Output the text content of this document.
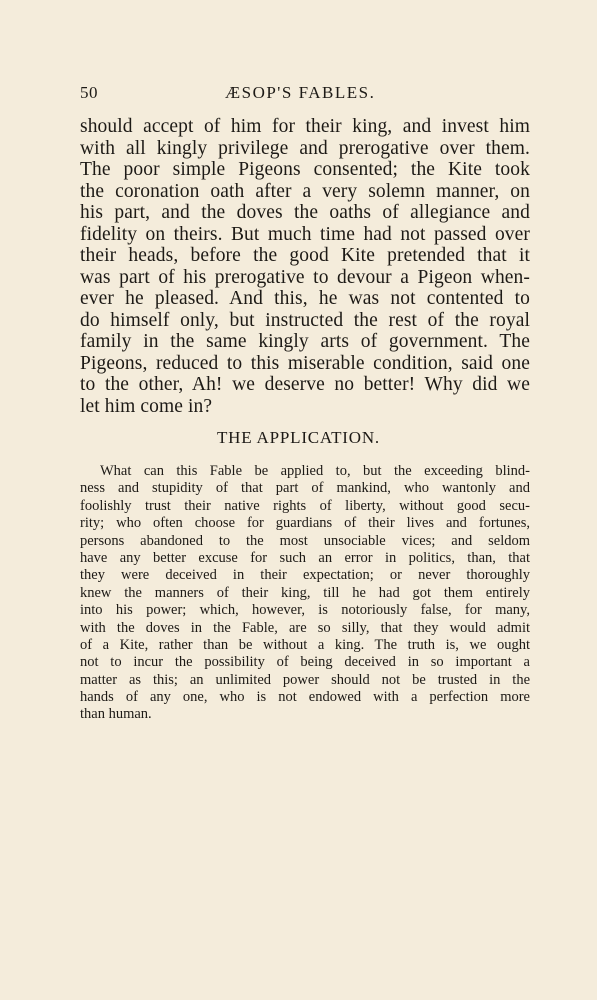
50	ÆSOP'S FABLES.
should accept of him for their king, and invest him
with all kingly privilege and prerogative over them.
The poor simple Pigeons consented; the Kite took
the coronation oath after a very solemn manner, on
his part, and the doves the oaths of allegiance and
fidelity on theirs. But much time had not passed over
their heads, before the good Kite pretended that it
was part of his prerogative to devour a Pigeon when-
ever he pleased. And this, he was not contented to
do himself only, but instructed the rest of the royal
family in the same kingly arts of government. The
Pigeons, reduced to this miserable condition, said one
to the other, Ah! we deserve no better! Why did we
let him come in?
THE APPLICATION.
What can this Fable be applied to, but the exceeding blind-
ness and stupidity of that part of mankind, who wantonly and
foolishly trust their native rights of liberty, without good secu-
rity; who often choose for guardians of their lives and fortunes,
persons abandoned to the most unsociable vices; and seldom
have any better excuse for such an error in politics, than, that
they were deceived in their expectation; or never thoroughly
knew the manners of their king, till he had got them entirely
into his power; which, however, is notoriously false, for many,
with the doves in the Fable, are so silly, that they would admit
of a Kite, rather than be without a king. The truth is, we ought
not to incur the possibility of being deceived in so important a
matter as this; an unlimited power should not be trusted in the
hands of any one, who is not endowed with a perfection more
than human.
